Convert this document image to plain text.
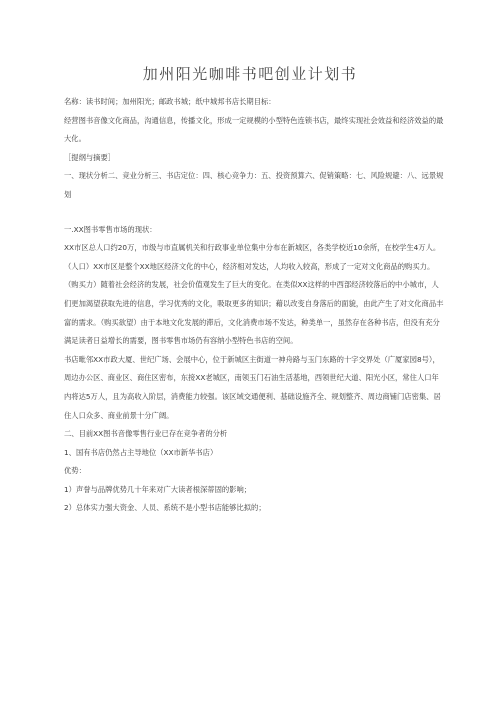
加州阳光咖啡书吧创业计划书

名称：读书时间；加州阳光；邮政书城；纸中城邦书店长期目标：

经营图书音像文化商品，沟通信息，传播文化，形成一定规模的小型特色连锁书店，最终实现社会效益和经济效益的最大化。

［提纲与摘要］

一、现状分析二、竞业分析三、书店定位：四、核心竞争力：五、投资预算六、促销策略：七、风险规避：八、远景规划

一.XX图书零售市场的现状：

XX市区总人口约20万，市级与市直属机关和行政事业单位集中分布在新城区，各类学校近10余所，在校学生4万人。（人口）XX市区是整个XX地区经济文化的中心，经济相对发达，人均收入较高，形成了一定对文化商品的购买力。（购买力）随着社会经济的发展，社会价值观发生了巨大的变化。在类似XX这样的中西部经济较落后的中小城市，人们更加渴望获取先进的信息，学习优秀的文化，吸取更多的知识；藉以改变自身落后的面貌，由此产生了对文化商品丰富的需求。（购买欲望）由于本地文化发展的滞后，文化消费市场不发达，种类单一，虽然存在各种书店，但没有充分满足读者日益增长的需要，图书零售市场仍有容纳小型特色书店的空间。

书店毗邻XX市政大厦、世纪广场、会展中心，位于新城区主街道一神舟路与玉门东路的十字交界处（广厦家园8号），周边办公区、商业区、商住区密布，东接XX老城区，南领玉门石油生活基地，西领世纪大道、阳光小区，常住人口年内将达5万人，且为高收入阶层，消费能力较强。该区域交通便利、基础设施齐全、规划整齐、周边商铺门店密集、居住人口众多、商业前景十分广阔。

二、目前XX图书音像零售行业已存在竞争者的分析

1、国有书店仍然占主导地位（XX市新华书店）

优势：

1）声誉与品牌优势几十年来对广大读者根深蒂固的影响；

2）总体实力强大资金、人员、系统不是小型书店能够比拟的；
